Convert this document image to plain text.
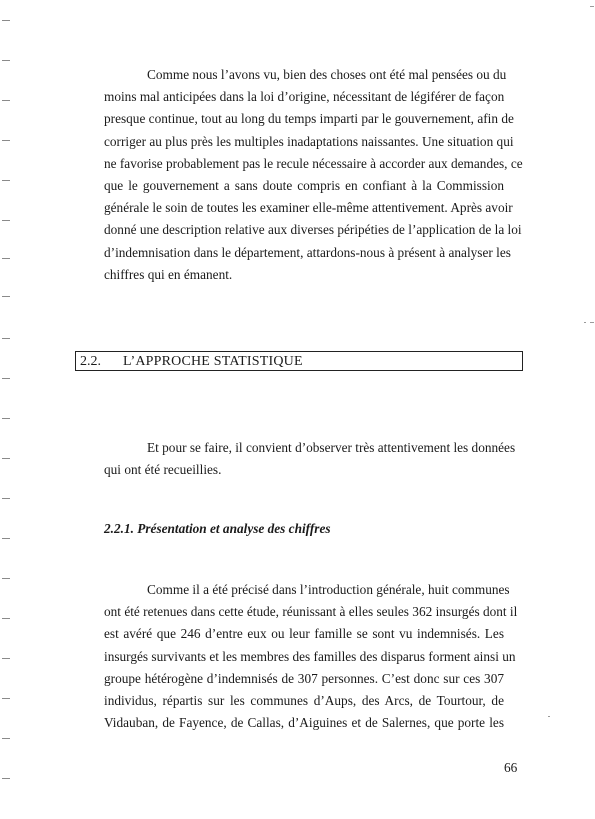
Comme nous l’avons vu, bien des choses ont été mal pensées ou du
moins mal anticipées dans la loi d’origine, nécessitant de légiférer de façon
presque continue, tout au long du temps imparti par le gouvernement, afin de
corriger au plus près les multiples inadaptations naissantes. Une situation qui
ne favorise probablement pas le recule nécessaire à accorder aux demandes, ce
que le gouvernement a sans doute compris en confiant à la Commission
générale le soin de toutes les examiner elle-même attentivement. Après avoir
donné une description relative aux diverses péripéties de l’application de la loi
d’indemnisation dans le département, attardons-nous à présent à analyser les
chiffres qui en émanent.
2.2. L’APPROCHE STATISTIQUE
Et pour se faire, il convient d’observer très attentivement les données
qui ont été recueillies.
2.2.1. Présentation et analyse des chiffres
Comme il a été précisé dans l’introduction générale, huit communes
ont été retenues dans cette étude, réunissant à elles seules 362 insurgés dont il
est avéré que 246 d’entre eux ou leur famille se sont vu indemnisés. Les
insurgés survivants et les membres des familles des disparus forment ainsi un
groupe hétérogène d’indemnisés de 307 personnes. C’est donc sur ces 307
individus, répartis sur les communes d’Aups, des Arcs, de Tourtour, de
Vidauban, de Fayence, de Callas, d’Aiguines et de Salernes, que porte les
66
